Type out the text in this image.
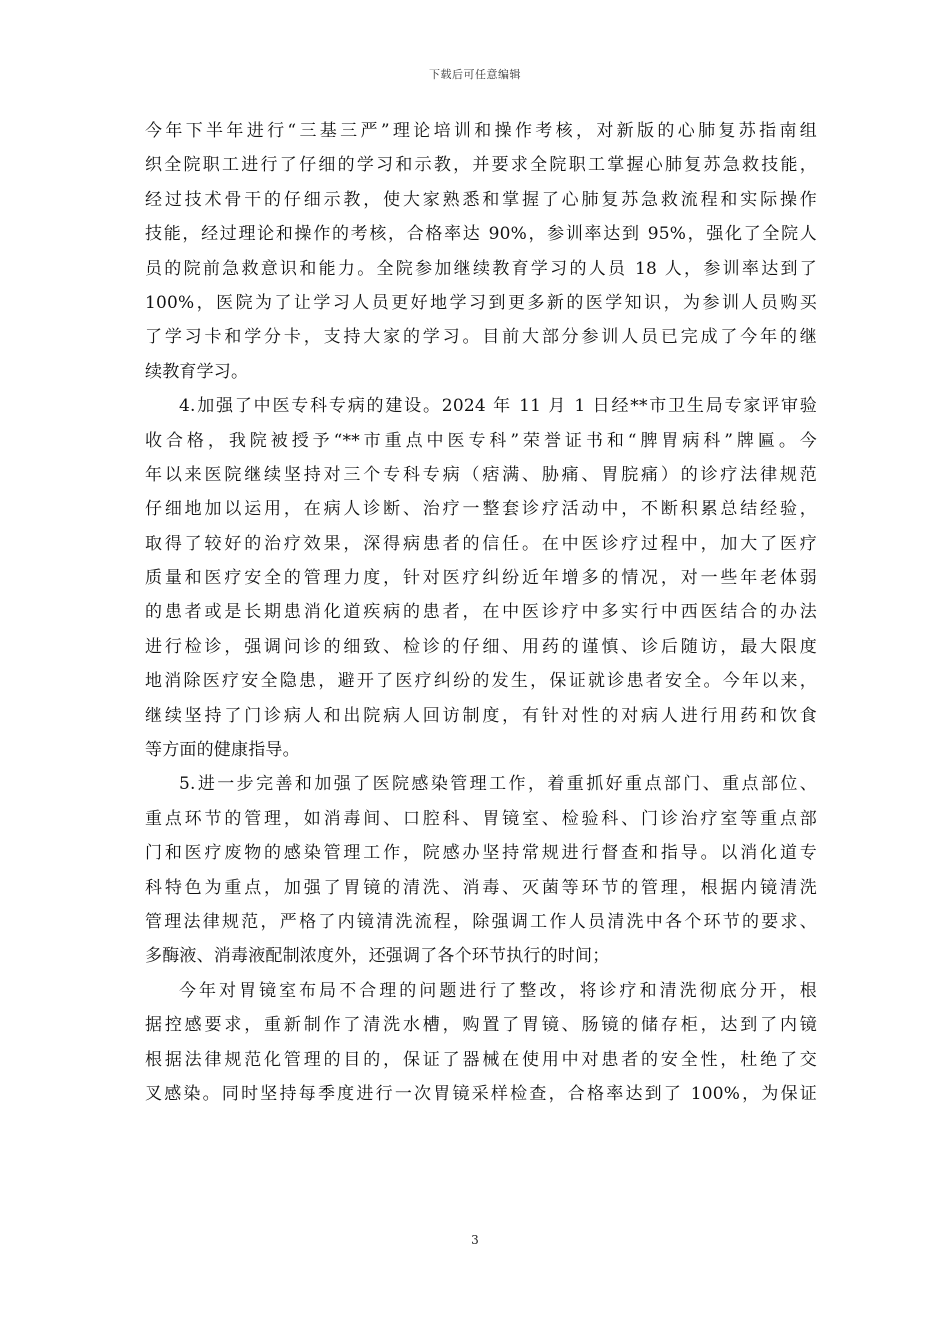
下载后可任意编辑
今年下半年进行“三基三严”理论培训和操作考核，对新版的心肺复苏指南组
织全院职工进行了仔细的学习和示教，并要求全院职工掌握心肺复苏急救技能，
经过技术骨干的仔细示教，使大家熟悉和掌握了心肺复苏急救流程和实际操作
技能，经过理论和操作的考核，合格率达 90%，参训率达到 95%，强化了全院人
员的院前急救意识和能力。全院参加继续教育学习的人员 18 人，参训率达到了
100%，医院为了让学习人员更好地学习到更多新的医学知识，为参训人员购买
了学习卡和学分卡，支持大家的学习。目前大部分参训人员已完成了今年的继
续教育学习。
4.加强了中医专科专病的建设。2024 年 11 月 1 日经**市卫生局专家评审验
收合格，我院被授予“**市重点中医专科”荣誉证书和“脾胃病科”牌匾。今
年以来医院继续坚持对三个专科专病（痞满、胁痛、胃脘痛）的诊疗法律规范
仔细地加以运用，在病人诊断、治疗一整套诊疗活动中，不断积累总结经验，
取得了较好的治疗效果，深得病患者的信任。在中医诊疗过程中，加大了医疗
质量和医疗安全的管理力度，针对医疗纠纷近年增多的情况，对一些年老体弱
的患者或是长期患消化道疾病的患者，在中医诊疗中多实行中西医结合的办法
进行检诊，强调问诊的细致、检诊的仔细、用药的谨慎、诊后随访，最大限度
地消除医疗安全隐患，避开了医疗纠纷的发生，保证就诊患者安全。今年以来，
继续坚持了门诊病人和出院病人回访制度，有针对性的对病人进行用药和饮食
等方面的健康指导。
5.进一步完善和加强了医院感染管理工作，着重抓好重点部门、重点部位、
重点环节的管理，如消毒间、口腔科、胃镜室、检验科、门诊治疗室等重点部
门和医疗废物的感染管理工作，院感办坚持常规进行督查和指导。以消化道专
科特色为重点，加强了胃镜的清洗、消毒、灭菌等环节的管理，根据内镜清洗
管理法律规范，严格了内镜清洗流程，除强调工作人员清洗中各个环节的要求、
多酶液、消毒液配制浓度外，还强调了各个环节执行的时间；
今年对胃镜室布局不合理的问题进行了整改，将诊疗和清洗彻底分开，根
据控感要求，重新制作了清洗水槽，购置了胃镜、肠镜的储存柜，达到了内镜
根据法律规范化管理的目的，保证了器械在使用中对患者的安全性，杜绝了交
叉感染。同时坚持每季度进行一次胃镜采样检查，合格率达到了 100%，为保证
3
